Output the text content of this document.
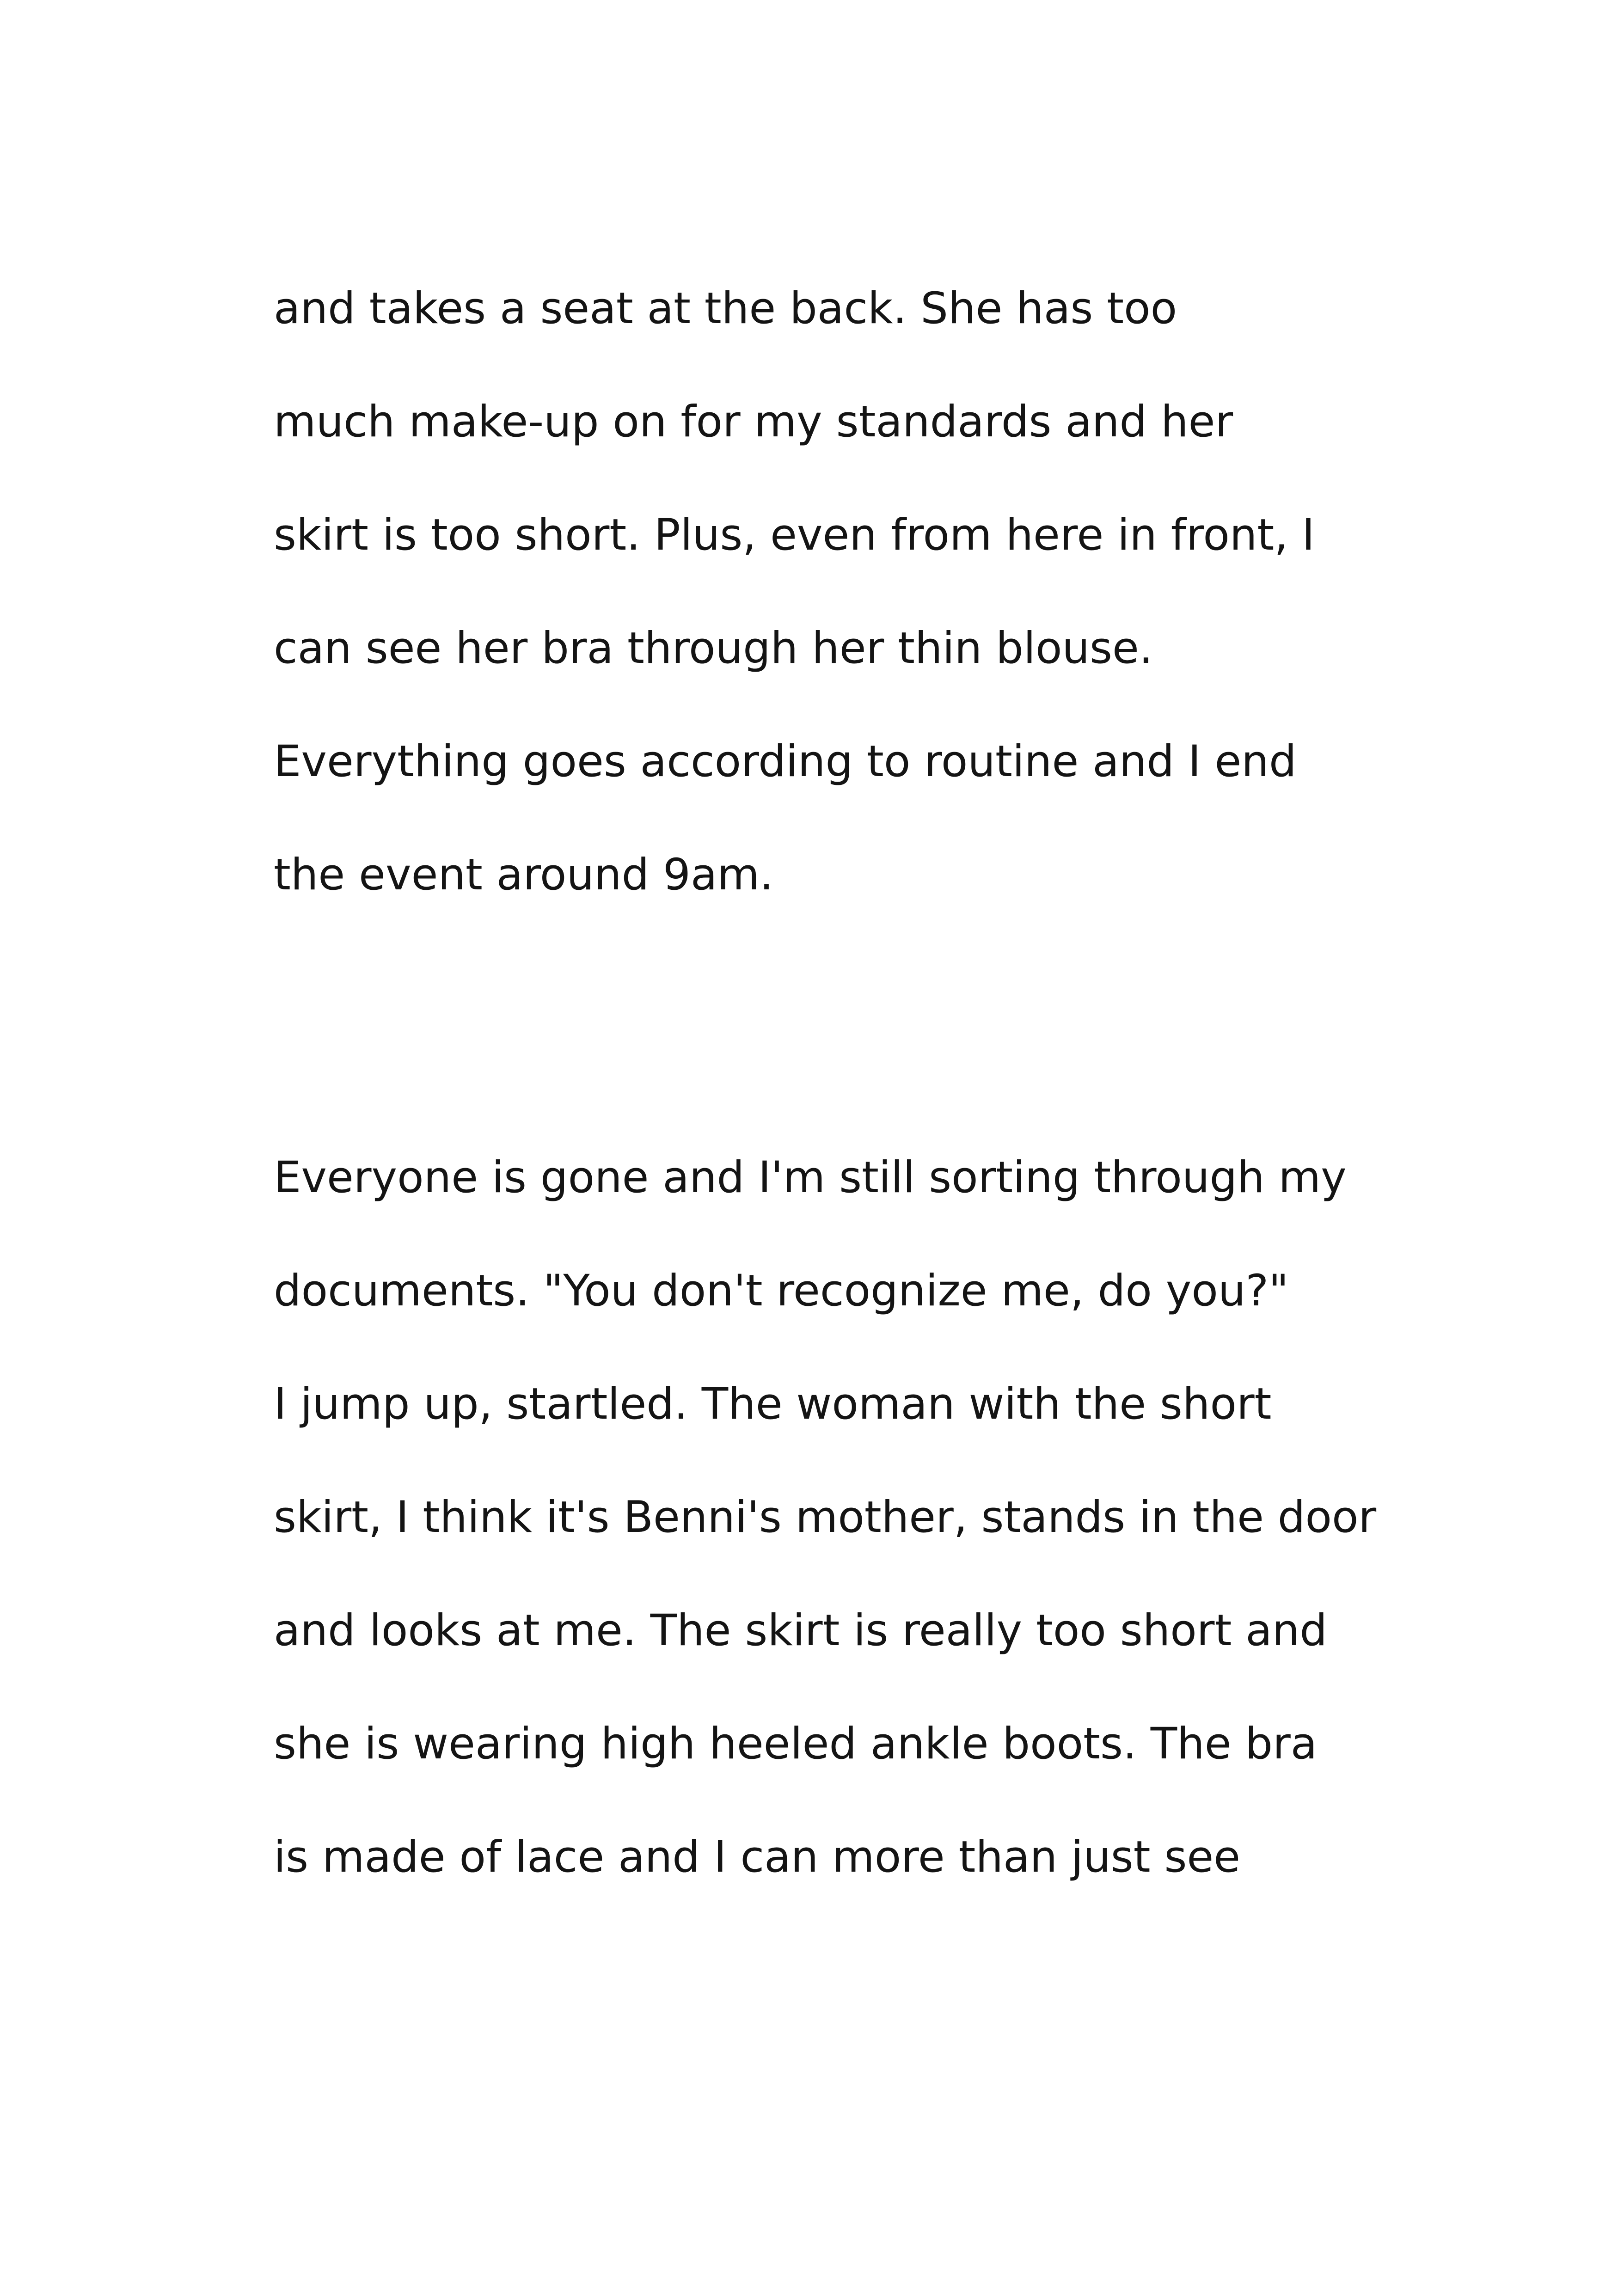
and takes a seat at the back. She has too

much make-up on for my standards and her

skirt is too short. Plus, even from here in front, I

can see her bra through her thin blouse.

Everything goes according to routine and I end

the event around 9am.

Everyone is gone and I'm still sorting through my

documents. "You don't recognize me, do you?"

I jump up, startled. The woman with the short

skirt, I think it's Benni's mother, stands in the door

and looks at me. The skirt is really too short and

she is wearing high heeled ankle boots. The bra

is made of lace and I can more than just see
